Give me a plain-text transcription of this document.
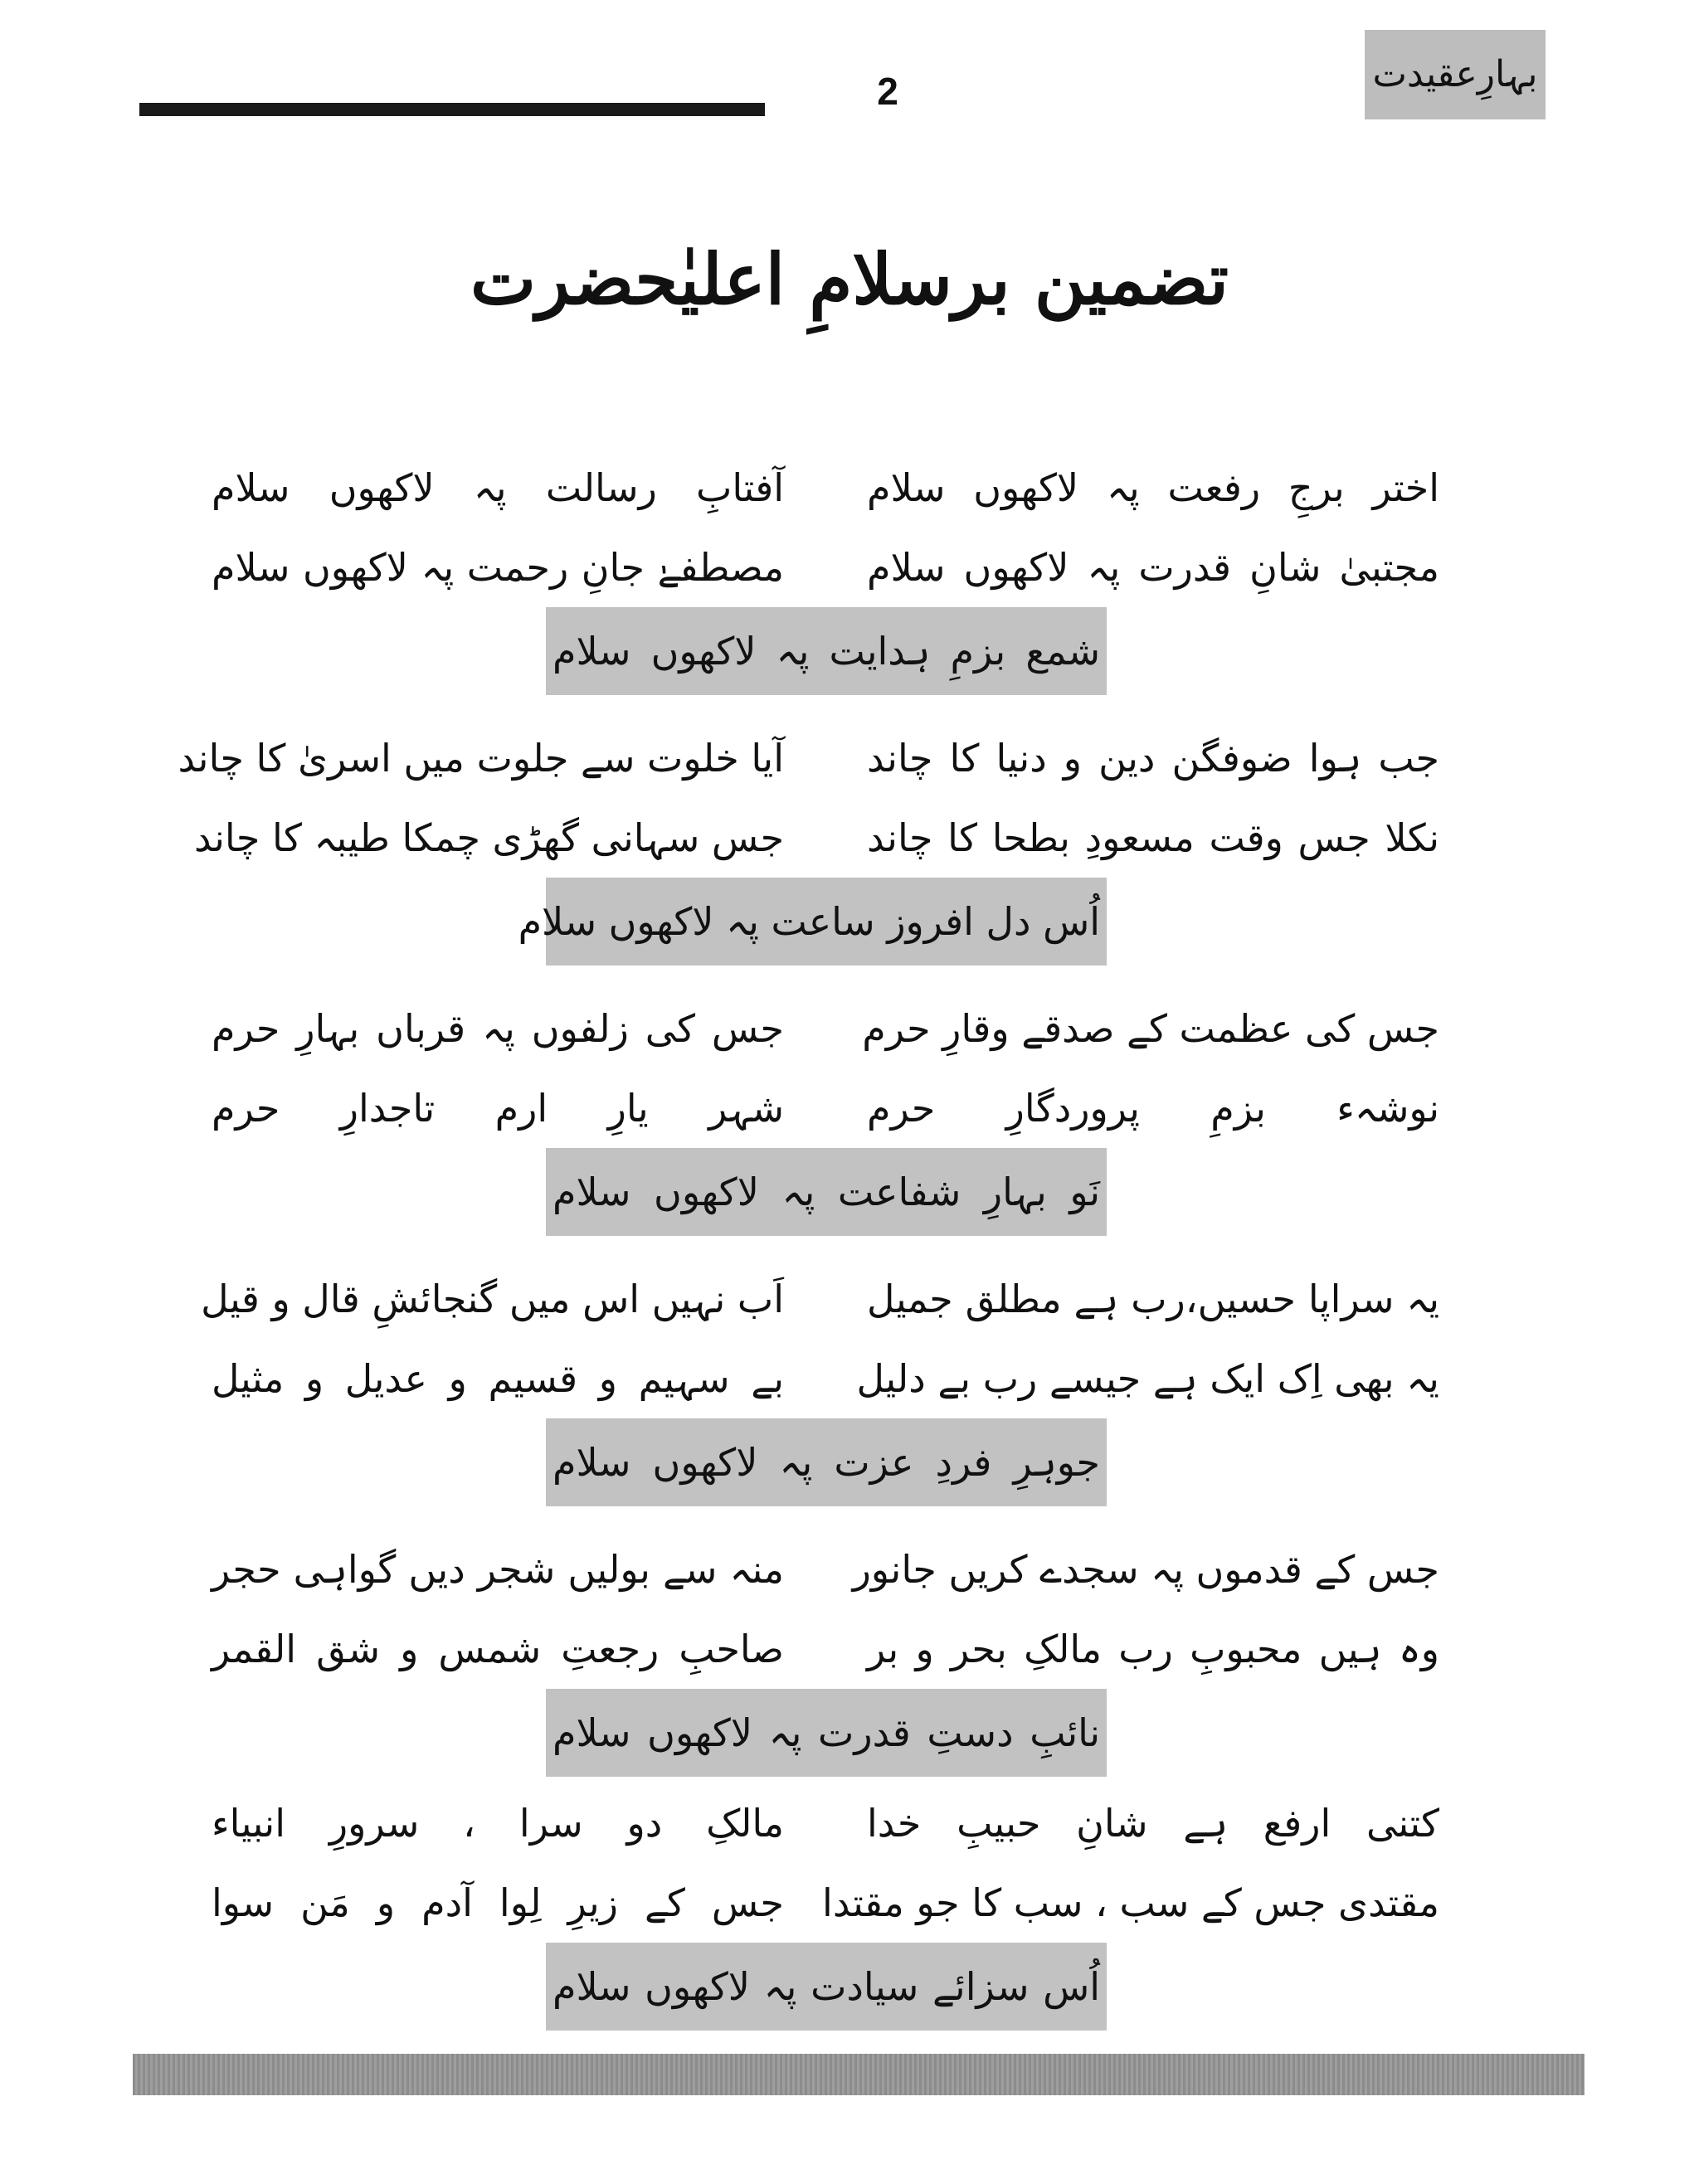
2	بہارِعقیدت
تضمین برسلامِ اعلیٰحضرت
اختر برجِ رفعت پہ لاکھوں سلام
آفتابِ رسالت پہ لاکھوں سلام
مجتبیٰ شانِ قدرت پہ لاکھوں سلام
مصطفےٰ جانِ رحمت پہ لاکھوں سلام
شمع بزمِ ہدایت پہ لاکھوں سلام
جب ہوا ضوفگن دین و دنیا کا چاند
آیا خلوت سے جلوت میں اسریٰ کا چاند
نکلا جس وقت مسعودِ بطحا کا چاند
جس سہانی گھڑی چمکا طیبہ کا چاند
اُس دل افروز ساعت پہ لاکھوں سلام
جس کی عظمت کے صدقے وقارِ حرم
جس کی زلفوں پہ قرباں بہارِ حرم
نوشہء بزمِ پروردگارِ حرم
شہر یارِ ارم تاجدارِ حرم
نَو بہارِ شفاعت پہ لاکھوں سلام
یہ سراپا حسیں،رب ہے مطلق جمیل
اَب نہیں اس میں گنجائشِ قال و قیل
یہ بھی اِک ایک ہے جیسے رب بے دلیل
بے سہیم و قسیم و عدیل و مثیل
جوہرِ فردِ عزت پہ لاکھوں سلام
جس کے قدموں پہ سجدے کریں جانور
منہ سے بولیں شجر دیں گواہی حجر
وہ ہیں محبوبِ رب مالکِ بحر و بر
صاحبِ رجعتِ شمس و شق القمر
نائبِ دستِ قدرت پہ لاکھوں سلام
کتنی ارفع ہے شانِ حبیبِ خدا
مالکِ دو سرا ، سرورِ انبیاء
مقتدی جس کے سب ، سب کا جو مقتدا
جس کے زیرِ لِوا آدم و مَن سوا
اُس سزائے سیادت پہ لاکھوں سلام
